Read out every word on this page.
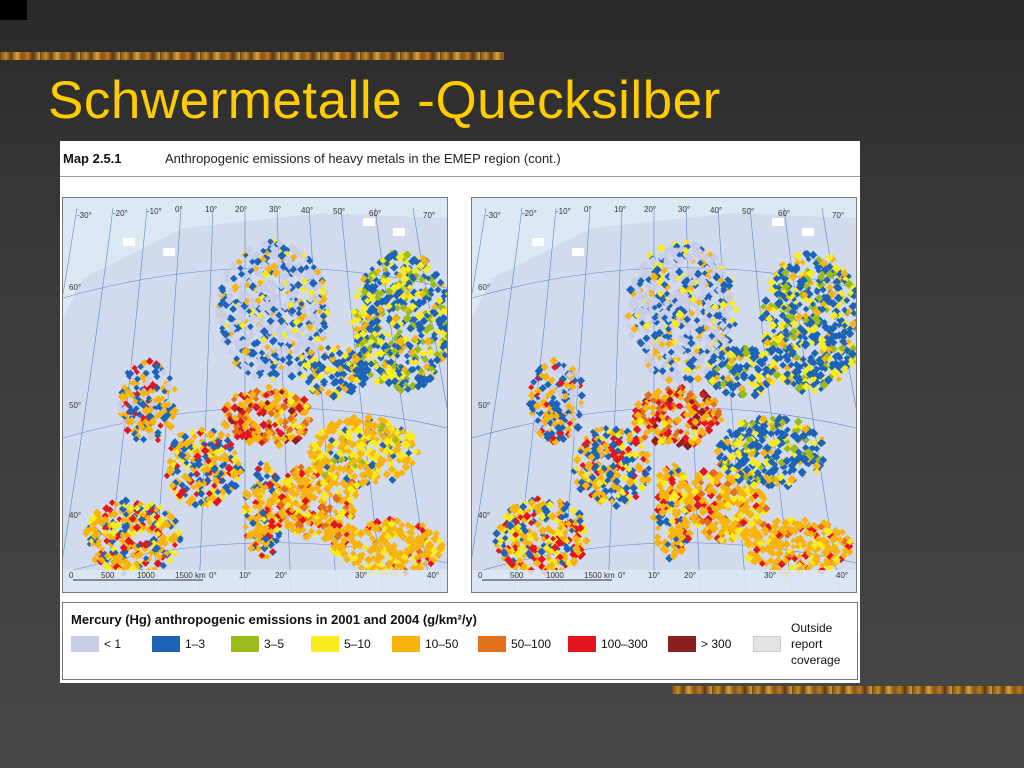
Schwermetalle -Quecksilber
Map 2.5.1	Anthropogenic emissions of heavy metals in the EMEP region (cont.)
-30°	-20° -10° 0°	10° 20°	30° 40° 50°	60°	70°
60°
50°
40°
0	500	1000	1500 km 0°	10°	20°	30°	40°
-30°	-20° -10° 0°	10° 20°	30° 40° 50°	60°	70°
60°
50°
40°
0	500	1000	1500 km 0°	10°	20°	30°	40°
Mercury (Hg) anthropogenic emissions in 2001 and 2004 (g/km²/y)
< 1	1–3	3–5	5–10	10–50	50–100	100–300	> 300
Outside
report
coverage
